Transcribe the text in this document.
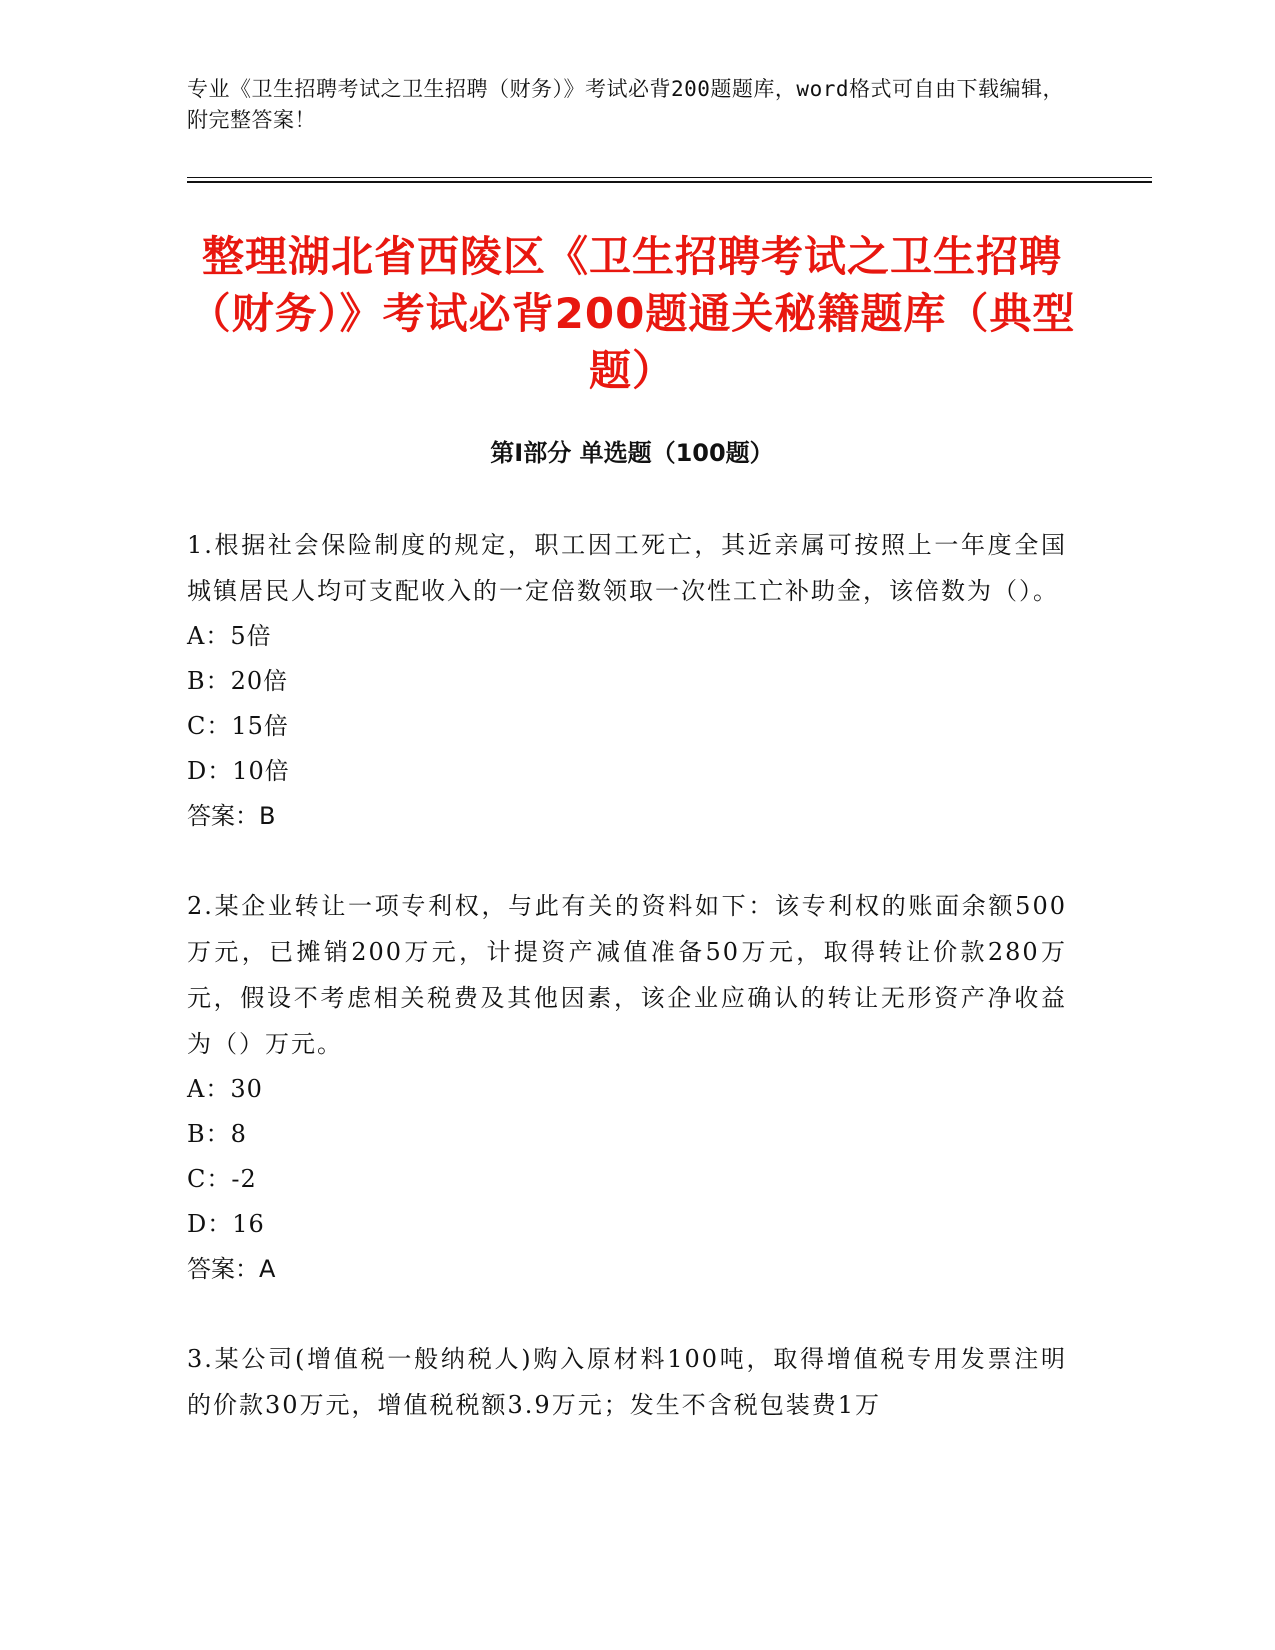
专业《卫生招聘考试之卫生招聘（财务）》考试必背200题题库，word格式可自由下载编辑，附完整答案！
整理湖北省西陵区《卫生招聘考试之卫生招聘（财务）》考试必背200题通关秘籍题库（典型题）
第I部分 单选题（100题）

1.根据社会保险制度的规定，职工因工死亡，其近亲属可按照上一年度全国城镇居民人均可支配收入的一定倍数领取一次性工亡补助金，该倍数为（）。

A：5倍

B：20倍

C：15倍

D：10倍

答案：B

2.某企业转让一项专利权，与此有关的资料如下：该专利权的账面余额500万元，已摊销200万元，计提资产减值准备50万元，取得转让价款280万元，假设不考虑相关税费及其他因素，该企业应确认的转让无形资产净收益为（）万元。

A：30

B：8

C：-2

D：16

答案：A

3.某公司(增值税一般纳税人)购入原材料100吨，取得增值税专用发票注明的价款30万元，增值税税额3.9万元；发生不含税包装费1万
